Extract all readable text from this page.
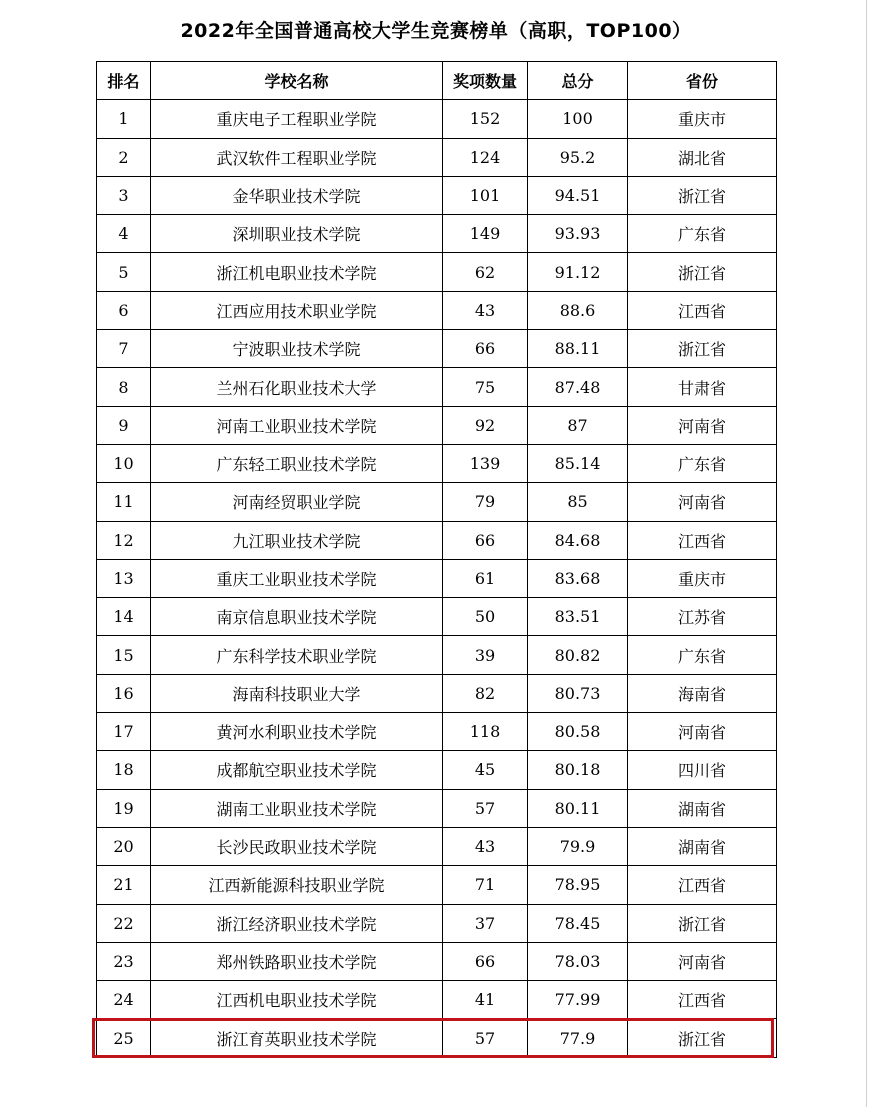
2022年全国普通高校大学生竞赛榜单（高职，TOP100）
排名	学校名称	奖项数量	总分	省份
1	重庆电子工程职业学院	152	100	重庆市
2	武汉软件工程职业学院	124	95.2	湖北省
3	金华职业技术学院	101	94.51	浙江省
4	深圳职业技术学院	149	93.93	广东省
5	浙江机电职业技术学院	62	91.12	浙江省
6	江西应用技术职业学院	43	88.6	江西省
7	宁波职业技术学院	66	88.11	浙江省
8	兰州石化职业技术大学	75	87.48	甘肃省
9	河南工业职业技术学院	92	87	河南省
10	广东轻工职业技术学院	139	85.14	广东省
11	河南经贸职业学院	79	85	河南省
12	九江职业技术学院	66	84.68	江西省
13	重庆工业职业技术学院	61	83.68	重庆市
14	南京信息职业技术学院	50	83.51	江苏省
15	广东科学技术职业学院	39	80.82	广东省
16	海南科技职业大学	82	80.73	海南省
17	黄河水利职业技术学院	118	80.58	河南省
18	成都航空职业技术学院	45	80.18	四川省
19	湖南工业职业技术学院	57	80.11	湖南省
20	长沙民政职业技术学院	43	79.9	湖南省
21	江西新能源科技职业学院	71	78.95	江西省
22	浙江经济职业技术学院	37	78.45	浙江省
23	郑州铁路职业技术学院	66	78.03	河南省
24	江西机电职业技术学院	41	77.99	江西省
25	浙江育英职业技术学院	57	77.9	浙江省
